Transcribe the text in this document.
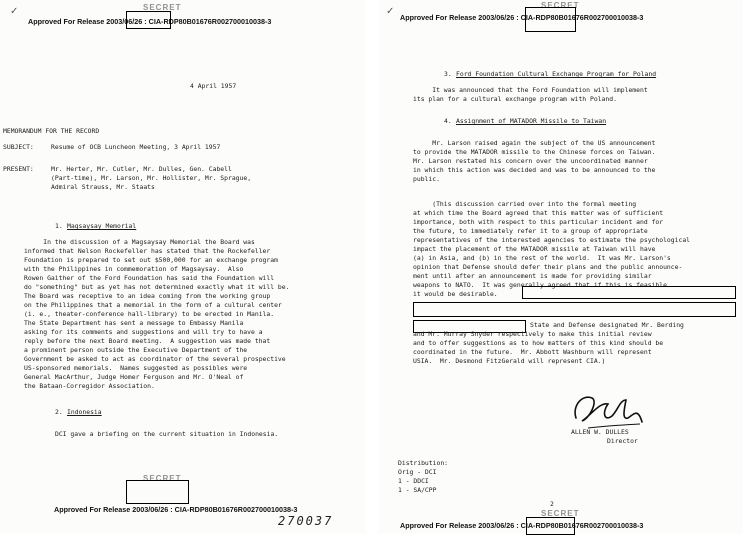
✓	SECRET
Approved For Release 2003/06/26 : CIA-RDP80B01676R002700010038-3
4 April 1957
MEMORANDUM FOR THE RECORD
SUBJECT:	Resume of OCB Luncheon Meeting, 3 April 1957
PRESENT:	Mr. Herter, Mr. Cutler, Mr. Dulles, Gen. Cabell
(Part-time), Mr. Larson, Mr. Hollister, Mr. Sprague,
Admiral Strauss, Mr. Staats
1. Magsaysay Memorial
In the discussion of a Magsaysay Memorial the Board was
informed that Nelson Rockefeller has stated that the Rockefeller
Foundation is prepared to set out $500,000 for an exchange program
with the Philippines in commemoration of Magsaysay.  Also
Rowen Gaither of the Ford Foundation has said the Foundation will
do "something" but as yet has not determined exactly what it will be.
The Board was receptive to an idea coming from the working group
on the Philippines that a memorial in the form of a cultural center
(i. e., theater-conference hall-library) to be erected in Manila.
The State Department has sent a message to Embassy Manila
asking for its comments and suggestions and will try to have a
reply before the next Board meeting.  A suggestion was made that
a prominent person outside the Executive Department of the
Government be asked to act as coordinator of the several prospective
US-sponsored memorials.  Names suggested as possibles were
General MacArthur, Judge Homer Ferguson and Mr. O'Neal of
the Bataan-Corregidor Association.
2. Indonesia
DCI gave a briefing on the current situation in Indonesia.
SECRET
Approved For Release 2003/06/26 : CIA-RDP80B01676R002700010038-3
270037
✓
SECRET
Approved For Release 2003/06/26 : CIA-RDP80B01676R002700010038-3
3. Ford Foundation Cultural Exchange Program for Poland
It was announced that the Ford Foundation will implement
its plan for a cultural exchange program with Poland.
4. Assignment of MATADOR Missile to Taiwan
Mr. Larson raised again the subject of the US announcement
to provide the MATADOR missile to the Chinese forces on Taiwan.
Mr. Larson restated his concern over the uncoordinated manner
in which this action was decided and was to be announced to the
public.
(This discussion carried over into the formal meeting
at which time the Board agreed that this matter was of sufficient
importance, both with respect to this particular incident and for
the future, to immediately refer it to a group of appropriate
representatives of the interested agencies to estimate the psychological
impact the placement of the MATADOR missile at Taiwan will have
(a) in Asia, and (b) in the rest of the world.  It was Mr. Larson's
opinion that Defense should defer their plans and the public announce-
ment until after an announcement is made for providing similar
weapons to NATO.  It was generally agreed that if this is feasible
it would be desirable.
State and Defense designated Mr. Berding
and Mr. Murray Snyder respectively to make this initial review
and to offer suggestions as to how matters of this kind should be
coordinated in the future.  Mr. Abbott Washburn will represent
USIA.  Mr. Desmond FitzGerald will represent CIA.)
ALLEN W. DULLES
Director
Distribution:
Orig - DCI
1 - DDCI
1 - SA/CPP
2
SECRET
Approved For Release 2003/06/26 : CIA-RDP80B01676R002700010038-3
